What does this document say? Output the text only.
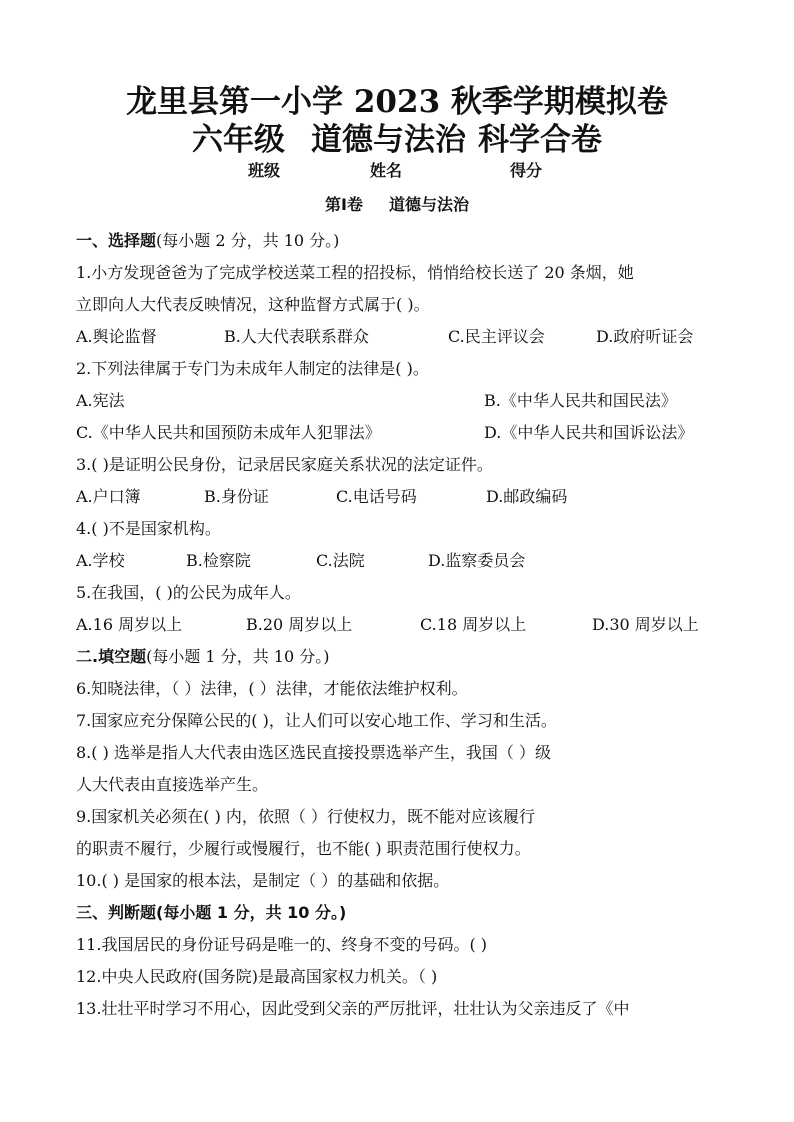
龙里县第一小学 2023 秋季学期模拟卷
六年级 道德与法治 科学合卷
班级	姓名	得分
第Ⅰ卷 道德与法治
一、选择题(每小题 2 分，共 10 分。)
1.小方发现爸爸为了完成学校送菜工程的招投标，悄悄给校长送了 20 条烟，她
立即向人大代表反映情况，这种监督方式属于( )。
A.舆论监督	B.人大代表联系群众	C.民主评议会	D.政府听证会
2.下列法律属于专门为未成年人制定的法律是( )。
A.宪法	B.《中华人民共和国民法》
C.《中华人民共和国预防未成年人犯罪法》	D.《中华人民共和国诉讼法》
3.( )是证明公民身份，记录居民家庭关系状况的法定证件。
A.户口簿	B.身份证	C.电话号码	D.邮政编码
4.( )不是国家机构。
A.学校	B.检察院	C.法院	D.监察委员会
5.在我国，( )的公民为成年人。
A.16 周岁以上	B.20 周岁以上	C.18 周岁以上	D.30 周岁以上
二.填空题(每小题 1 分，共 10 分。)
6.知晓法律，（ ）法律，( ）法律，才能依法维护权利。
7.国家应充分保障公民的( )，让人们可以安心地工作、学习和生活。
8.( ) 选举是指人大代表由选区选民直接投票选举产生，我国（ ）级
人大代表由直接选举产生。
9.国家机关必须在( ) 内，依照（ ）行使权力，既不能对应该履行
的职责不履行，少履行或慢履行，也不能( ) 职责范围行使权力。
10.( ) 是国家的根本法，是制定（ ）的基础和依据。
三、判断题(每小题 1 分，共 10 分。)
11.我国居民的身份证号码是唯一的、终身不变的号码。( )
12.中央人民政府(国务院)是最高国家权力机关。（ )
13.壮壮平时学习不用心，因此受到父亲的严厉批评，壮壮认为父亲违反了《中
